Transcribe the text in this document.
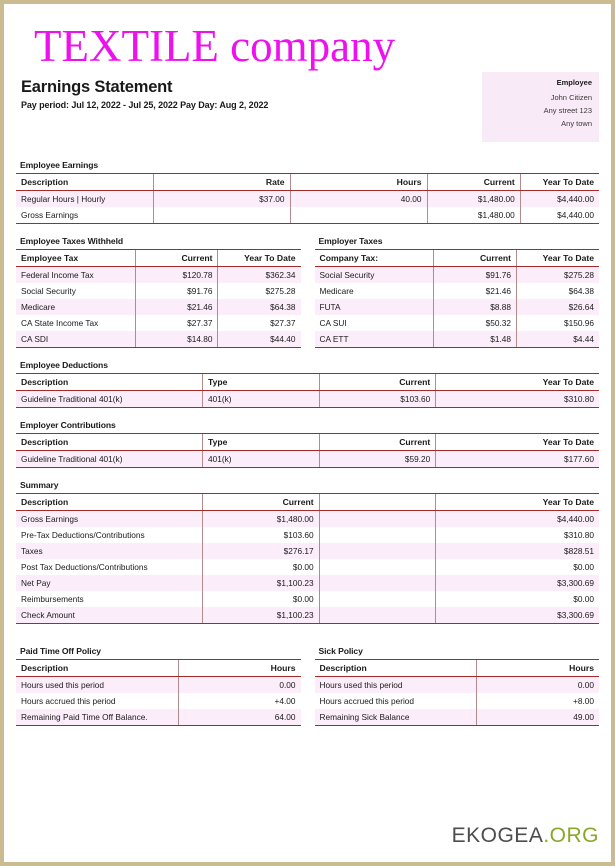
TEXTILE company
Earnings Statement
Pay period: Jul 12, 2022 - Jul 25, 2022 Pay Day: Aug 2, 2022
Employee
John Citizen
Any street 123
Any town
Employee Earnings
Description	Rate	Hours	Current	Year To Date
Regular Hours | Hourly	$37.00	40.00	$1,480.00	$4,440.00
Gross Earnings			$1,480.00	$4,440.00
Employee Taxes Withheld
Employee Tax	Current	Year To Date
Federal Income Tax	$120.78	$362.34
Social Security	$91.76	$275.28
Medicare	$21.46	$64.38
CA State Income Tax	$27.37	$27.37
CA SDI	$14.80	$44.40
Employer Taxes
Company Tax:	Current	Year To Date
Social Security	$91.76	$275.28
Medicare	$21.46	$64.38
FUTA	$8.88	$26.64
CA SUI	$50.32	$150.96
CA ETT	$1.48	$4.44
Employee Deductions
Description	Type	Current	Year To Date
Guideline Traditional 401(k)	401(k)	$103.60	$310.80
Employer Contributions
Description	Type	Current	Year To Date
Guideline Traditional 401(k)	401(k)	$59.20	$177.60
Summary
Description	Current		Year To Date
Gross Earnings	$1,480.00		$4,440.00
Pre-Tax Deductions/Contributions	$103.60		$310.80
Taxes	$276.17		$828.51
Post Tax Deductions/Contributions	$0.00		$0.00
Net Pay	$1,100.23		$3,300.69
Reimbursements	$0.00		$0.00
Check Amount	$1,100.23		$3,300.69
Paid Time Off Policy
Description	Hours
Hours used this period	0.00
Hours accrued this period	+4.00
Remaining Paid Time Off Balance.	64.00
Sick Policy
Description	Hours
Hours used this period	0.00
Hours accrued this period	+8.00
Remaining Sick Balance	49.00
EKOGEA.ORG
